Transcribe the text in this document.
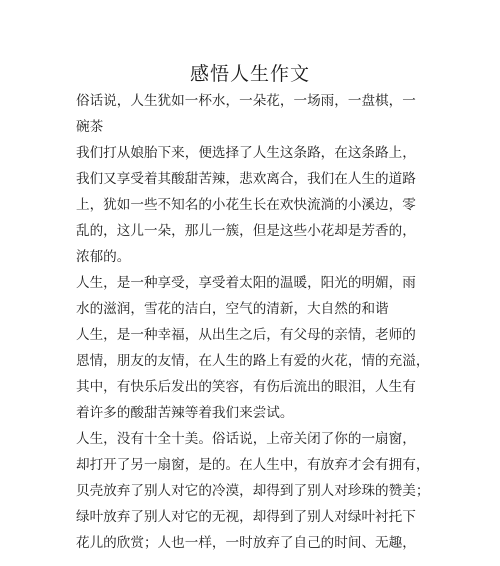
感悟人生作文
俗话说，人生犹如一杯水，一朵花，一场雨，一盘棋，一
碗茶
我们打从娘胎下来，便选择了人生这条路，在这条路上，
我们又享受着其酸甜苦辣，悲欢离合，我们在人生的道路
上，犹如一些不知名的小花生长在欢快流淌的小溪边，零
乱的，这儿一朵，那儿一簇，但是这些小花却是芳香的，
浓郁的。
人生，是一种享受，享受着太阳的温暖，阳光的明媚，雨
水的滋润，雪花的洁白，空气的清新，大自然的和谐
人生，是一种幸福，从出生之后，有父母的亲情，老师的
恩情，朋友的友情，在人生的路上有爱的火花，情的充溢，
其中，有快乐后发出的笑容，有伤后流出的眼泪，人生有
着许多的酸甜苦辣等着我们来尝试。
人生，没有十全十美。俗话说，上帝关闭了你的一扇窗，
却打开了另一扇窗，是的。在人生中，有放弃才会有拥有，
贝壳放弃了别人对它的冷漠，却得到了别人对珍珠的赞美；
绿叶放弃了别人对它的无视，却得到了别人对绿叶衬托下
花儿的欣赏；人也一样，一时放弃了自己的时间、无趣，
